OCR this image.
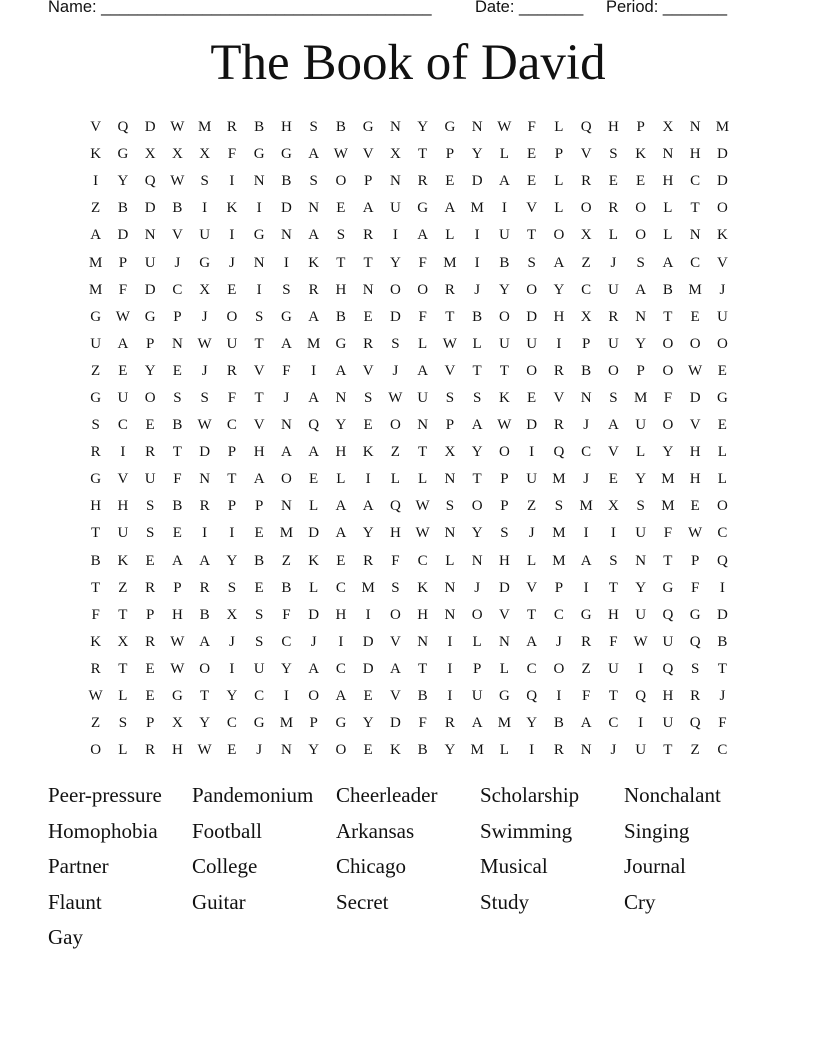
Name: ____________________________________

	Date: _______

Period: _______

The Book of David
V	Q	D W M	R	B	H	S	B	G	N	Y	G	N W	F	L	Q	H	P	X	N	M
K	G	X	X	X	F	G	G	A W V	X	T	P	Y	L	E	P	V	S	K	N	H	D
I	Y	Q W	S	I	N	B	S	O	P	N	R	E	D	A	E	L	R	E	E	H	C	D
Z	B	D	B	I	K	I	D	N	E	A	U	G	A	M	I	V	L	O	R	O	L	T	O
A	D	N	V	U	I	G	N	A	S	R	I	A	L	I	U	T	O	X	L	O	L	N	K
M	P	U	J	G	J	N	I	K	T	T	Y	F	M	I	B	S	A	Z	J	S	A	C	V
M	F	D	C	X	E	I	S	R	H	N	O	O	R	J	Y	O	Y	C	U	A	B	M	J
G W G	P	J	O	S	G	A	B	E	D	F	T	B	O	D	H	X	R	N	T	E	U
U	A	P	N W U	T	A	M	G	R	S	L	W	L	U	U	I	P	U	Y	O	O	O
Z	E	Y	E	J	R	V	F	I	A	V	J	A	V	T	T	O	R	B	O	P	O W	E
G	U	O	S	S	F	T	J	A	N	S	W U	S	S	K	E	V	N	S	M	F	D	G
S	C	E	B	W	C	V	N	Q	Y	E	O	N	P	A W D	R	J	A	U	O	V	E
R	I	R	T	D	P	H	A	A	H	K	Z	T	X	Y	O	I	Q	C	V	L	Y	H	L
G	V	U	F	N	T	A	O	E	L	I	L	L	N	T	P	U	M	J	E	Y	M	H	L
H	H	S	B	R	P	P	N	L	A	A	Q W	S	O	P	Z	S	M	X	S	M	E	O
T	U	S	E	I	I	E	M	D	A	Y	H W N	Y	S	J	M	I	I	U	F	W	C
B	K	E	A	A	Y	B	Z	K	E	R	F	C	L	N	H	L	M	A	S	N	T	P	Q
T	Z	R	P	R	S	E	B	L	C	M	S	K	N	J	D	V	P	I	T	Y	G	F	I
F	T	P	H	B	X	S	F	D	H	I	O	H	N	O	V	T	C	G	H	U	Q	G	D
K	X	R	W A	J	S	C	J	I	D	V	N	I	L	N	A	J	R	F	W U	Q	B
R	T	E	W O	I	U	Y	A	C	D	A	T	I	P	L	C	O	Z	U	I	Q	S	T
W	L	E	G	T	Y	C	I	O	A	E	V	B	I	U	G	Q	I	F	T	Q	H	R	J
Z	S	P	X	Y	C	G	M	P	G	Y	D	F	R	A	M	Y	B	A	C	I	U	Q	F
O	L	R	H W	E	J	N	Y	O	E	K	B	Y	M	L	I	R	N	J	U	T	Z	C
Peer-pressure	Pandemonium	Cheerleader	Scholarship	Nonchalant
Homophobia	Football	Arkansas	Swimming	Singing
Partner	College	Chicago	Musical	Journal
Flaunt	Guitar	Secret	Study	Cry
Gay
